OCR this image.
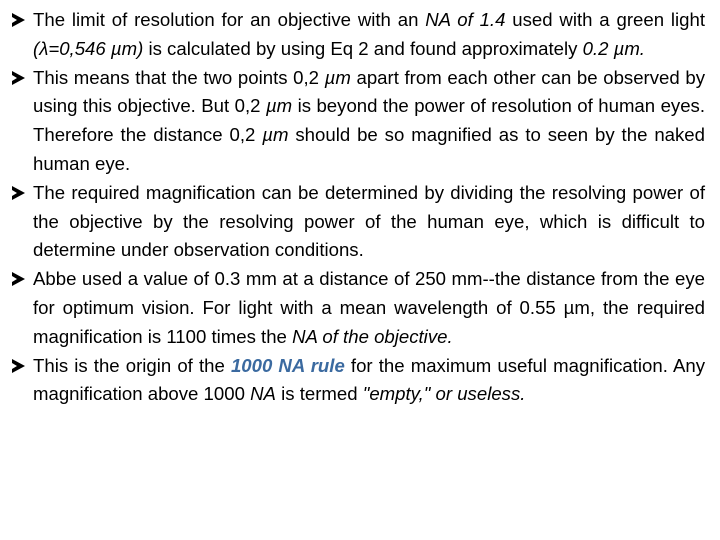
The limit of resolution for an objective with an NA of 1.4 used with a green light (λ=0,546 µm) is calculated by using Eq 2 and found approximately 0.2 µm.
This means that the two points 0,2 µm apart from each other can be observed by using this objective. But 0,2 µm is beyond the power of resolution of human eyes. Therefore the distance 0,2 µm should be so magnified as to seen by the naked human eye.
The required magnification can be determined by dividing the resolving power of the objective by the resolving power of the human eye, which is difficult to determine under observation conditions.
Abbe used a value of 0.3 mm at a distance of 250 mm--the distance from the eye for optimum vision. For light with a mean wavelength of 0.55 µm, the required magnification is 1100 times the NA of the objective.
This is the origin of the 1000 NA rule for the maximum useful magnification. Any magnification above 1000 NA is termed "empty," or useless.
